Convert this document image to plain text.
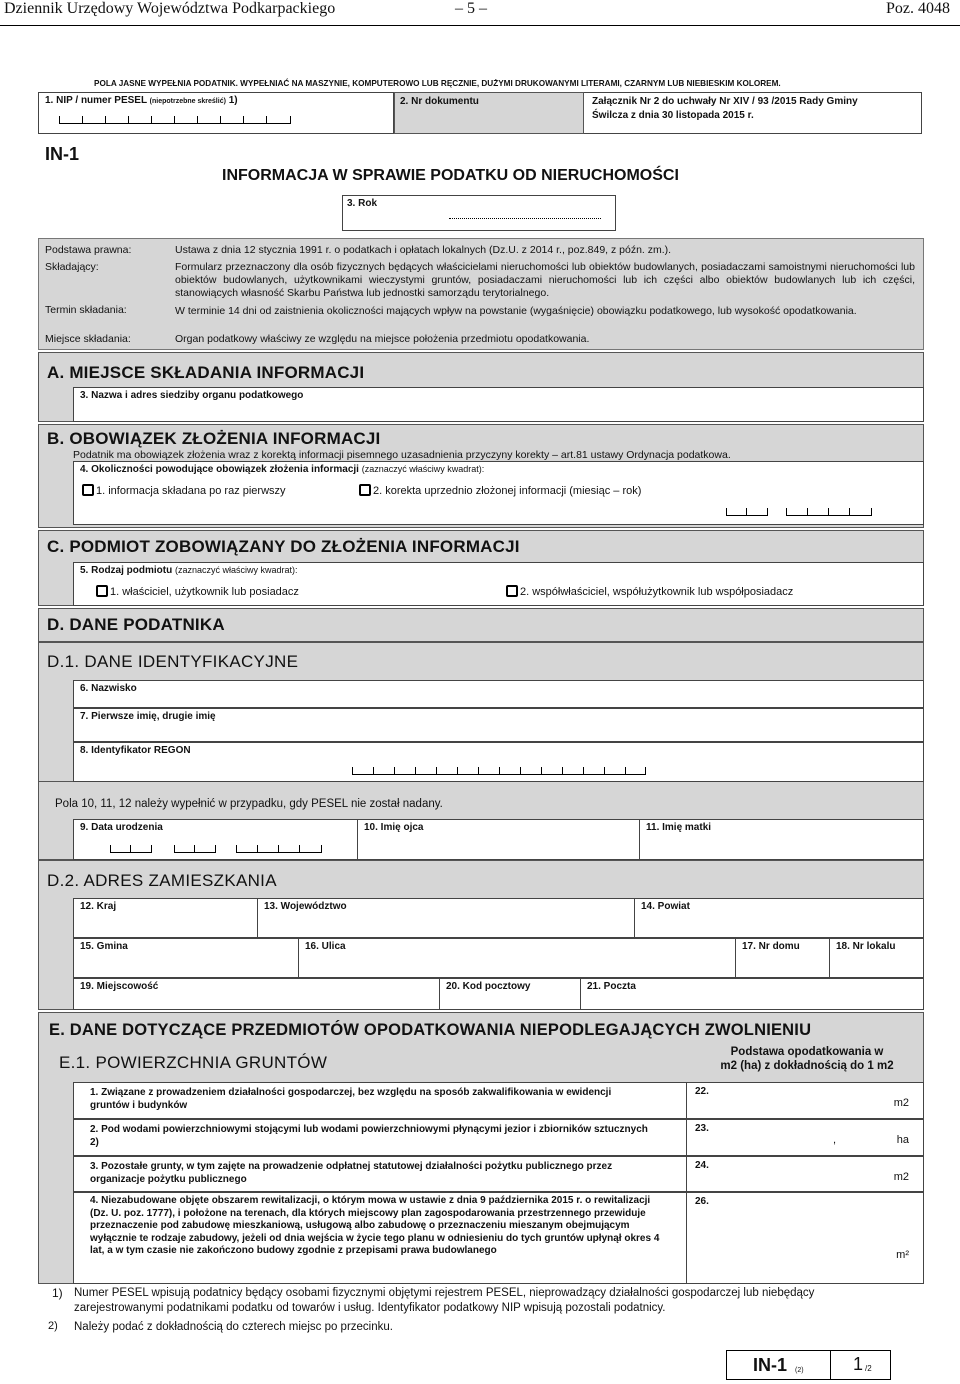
Dziennik Urzędowy Województwa Podkarpackiego	– 5 –	Poz. 4048
POLA JASNE WYPEŁNIA PODATNIK. WYPEŁNIAĆ NA MASZYNIE, KOMPUTEROWO LUB RĘCZNIE, DUŻYMI DRUKOWANYMI LITERAMI, CZARNYM LUB NIEBIESKIM KOLOREM.
1. NIP / numer PESEL (niepotrzebne skreślić) 1)	2. Nr dokumentu	Załącznik Nr 2 do uchwały Nr XIV / 93 /2015 Rady Gminy
Świlcza z dnia 30 listopada 2015 r.
IN-1
INFORMACJA W SPRAWIE PODATKU OD NIERUCHOMOŚCI
3. Rok
Podstawa prawna:	Ustawa z dnia 12 stycznia 1991 r. o podatkach i opłatach lokalnych (Dz.U. z 2014 r., poz.849, z późn. zm.).
Składający:	Formularz przeznaczony dla osób fizycznych będących właścicielami nieruchomości lub obiektów budowlanych, posiadaczami samoistnymi nieruchomości lub obiektów budowlanych, użytkownikami wieczystymi gruntów, posiadaczami nieruchomości lub ich części albo obiektów budowlanych lub ich części, stanowiących własność Skarbu Państwa lub jednostki samorządu terytorialnego.
Termin składania:	W terminie 14 dni od zaistnienia okoliczności mających wpływ na powstanie (wygaśnięcie) obowiązku podatkowego, lub wysokość opodatkowania.
Miejsce składania:	Organ podatkowy właściwy ze względu na miejsce położenia przedmiotu opodatkowania.
A. MIEJSCE SKŁADANIA INFORMACJI
3. Nazwa i adres siedziby organu podatkowego
B. OBOWIĄZEK ZŁOŻENIA INFORMACJI
Podatnik ma obowiązek złożenia wraz z korektą informacji pisemnego uzasadnienia przyczyny korekty – art.81 ustawy Ordynacja podatkowa.
4. Okoliczności powodujące obowiązek złożenia informacji (zaznaczyć właściwy kwadrat):
1. informacja składana po raz pierwszy	2. korekta uprzednio złożonej informacji (miesiąc – rok)
C. PODMIOT ZOBOWIĄZANY DO ZŁOŻENIA INFORMACJI
5. Rodzaj podmiotu (zaznaczyć właściwy kwadrat):
1. właściciel, użytkownik lub posiadacz	2. współwłaściciel, współużytkownik lub współposiadacz
D. DANE PODATNIKA
D.1. DANE IDENTYFIKACYJNE
6. Nazwisko
7. Pierwsze imię, drugie imię
8. Identyfikator REGON
Pola 10, 11, 12 należy wypełnić w przypadku, gdy PESEL nie został nadany.
9. Data urodzenia	10. Imię ojca	11. Imię matki
D.2. ADRES ZAMIESZKANIA
12. Kraj	13. Województwo	14. Powiat
15. Gmina	16. Ulica	17. Nr domu	18. Nr lokalu
19. Miejscowość	20. Kod pocztowy	21. Poczta
E. DANE DOTYCZĄCE PRZEDMIOTÓW OPODATKOWANIA NIEPODLEGAJĄCYCH ZWOLNIENIU
E.1. POWIERZCHNIA GRUNTÓW
Podstawa opodatkowania w
m2 (ha) z dokładnością do 1 m2
1. Związane z prowadzeniem działalności gospodarczej, bez względu na sposób zakwalifikowania w ewidencji gruntów i budynków
22.
m2
2. Pod wodami powierzchniowymi stojącymi lub wodami powierzchniowymi płynącymi jezior i zbiorników sztucznych 2)
23.
,	ha
3. Pozostałe grunty, w tym zajęte na prowadzenie odpłatnej statutowej działalności pożytku publicznego przez organizacje pożytku publicznego
24.
m2
4. Niezabudowane objęte obszarem rewitalizacji, o którym mowa w ustawie z dnia 9 października 2015 r. o rewitalizacji (Dz. U. poz. 1777), i położone na terenach, dla których miejscowy plan zagospodarowania przestrzennego przewiduje przeznaczenie pod zabudowę mieszkaniową, usługową albo zabudowę o przeznaczeniu mieszanym obejmującym wyłącznie te rodzaje zabudowy, jeżeli od dnia wejścia w życie tego planu w odniesieniu do tych gruntów upłynął okres 4 lat, a w tym czasie nie zakończono budowy zgodnie z przepisami prawa budowlanego
26.
m²
1) Numer PESEL wpisują podatnicy będący osobami fizycznymi objętymi rejestrem PESEL, nieprowadzący działalności gospodarczej lub niebędący zarejestrowanymi podatnikami podatku od towarów i usług. Identyfikator podatkowy NIP wpisują pozostali podatnicy.
2) Należy podać z dokładnością do czterech miejsc po przecinku.
IN-1 (2)	1 /2
